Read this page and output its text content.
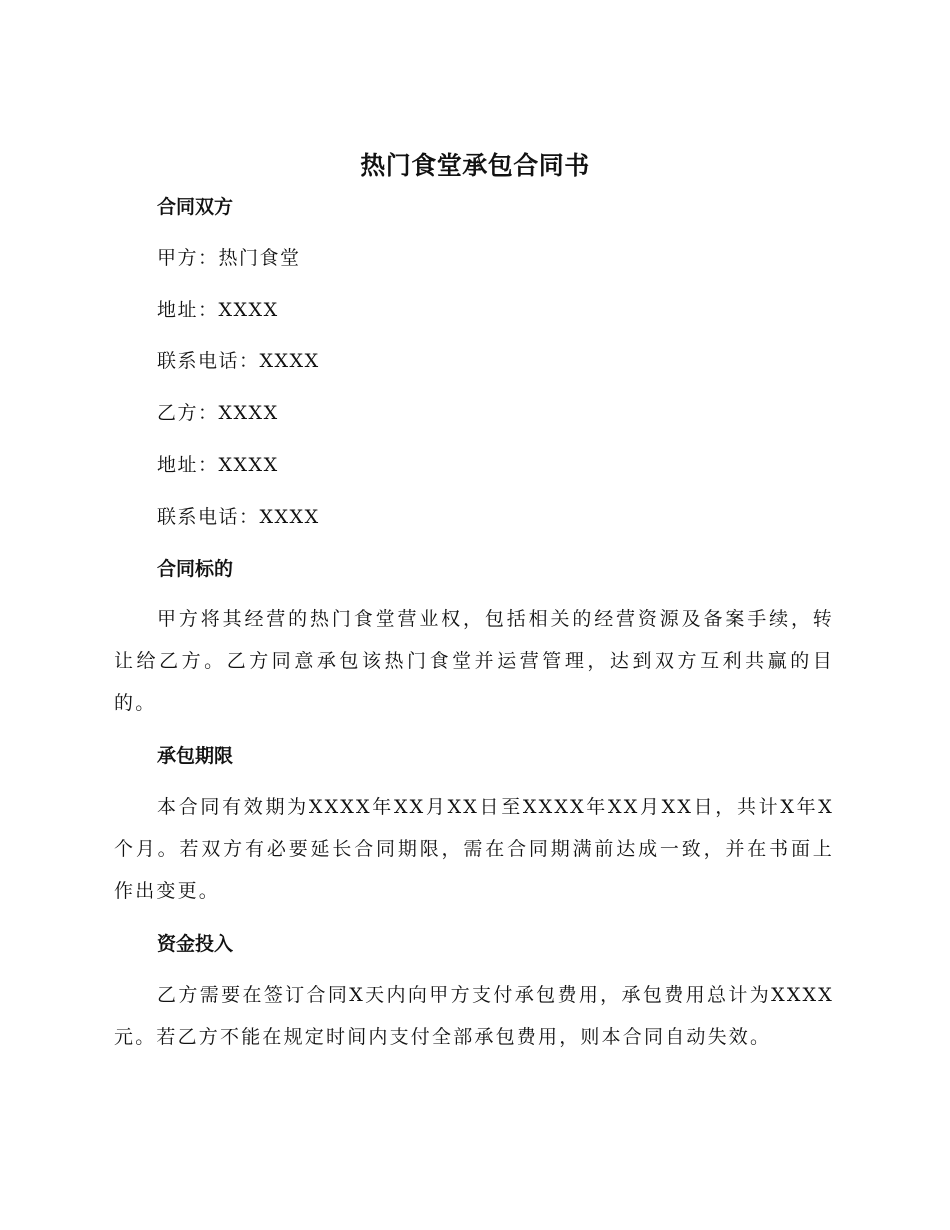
热门食堂承包合同书
合同双方
甲方：热门食堂
地址：XXXX
联系电话：XXXX
乙方：XXXX
地址：XXXX
联系电话：XXXX
合同标的
甲方将其经营的热门食堂营业权，包括相关的经营资源及备案手续，转让给乙方。乙方同意承包该热门食堂并运营管理，达到双方互利共赢的目的。
承包期限
本合同有效期为XXXX年XX月XX日至XXXX年XX月XX日，共计X年X个月。若双方有必要延长合同期限，需在合同期满前达成一致，并在书面上作出变更。
资金投入
乙方需要在签订合同X天内向甲方支付承包费用，承包费用总计为XXXX元。若乙方不能在规定时间内支付全部承包费用，则本合同自动失效。
